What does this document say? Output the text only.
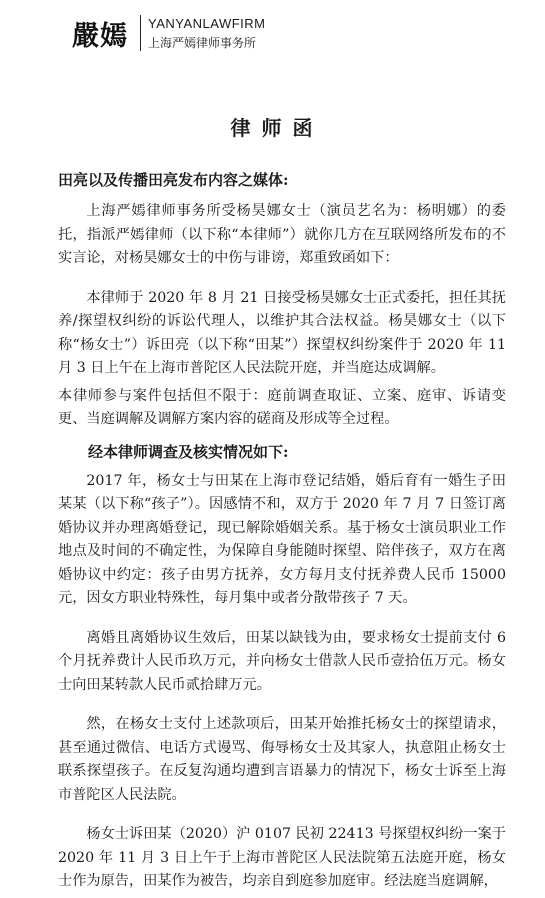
嚴嫣 YANYANLAWFIRM
上海严嫣律师事务所
律 师 函

田亮以及传播田亮发布内容之媒体:

上海严嫣律师事务所受杨昊娜女士（演员艺名为：杨明娜）的委托，指派严嫣律师（以下称“本律师”）就你几方在互联网络所发布的不实言论，对杨昊娜女士的中伤与诽谤，郑重致函如下：

本律师于 2020 年 8 月 21 日接受杨昊娜女士正式委托，担任其抚养/探望权纠纷的诉讼代理人，以维护其合法权益。杨昊娜女士（以下称“杨女士”）诉田亮（以下称“田某”）探望权纠纷案件于 2020 年 11 月 3 日上午在上海市普陀区人民法院开庭，并当庭达成调解。

本律师参与案件包括但不限于：庭前调查取证、立案、庭审、诉请变更、当庭调解及调解方案内容的磋商及形成等全过程。

经本律师调查及核实情况如下:

2017 年，杨女士与田某在上海市登记结婚，婚后育有一婚生子田某某（以下称“孩子”）。因感情不和，双方于 2020 年 7 月 7 日签订离婚协议并办理离婚登记，现已解除婚姻关系。基于杨女士演员职业工作地点及时间的不确定性，为保障自身能随时探望、陪伴孩子，双方在离婚协议中约定：孩子由男方抚养，女方每月支付抚养费人民币 15000 元，因女方职业特殊性，每月集中或者分散带孩子 7 天。

离婚且离婚协议生效后，田某以缺钱为由，要求杨女士提前支付 6 个月抚养费计人民币玖万元，并向杨女士借款人民币壹拾伍万元。杨女士向田某转款人民币贰拾肆万元。

然，在杨女士支付上述款项后，田某开始推托杨女士的探望请求，甚至通过微信、电话方式谩骂、侮辱杨女士及其家人，执意阻止杨女士联系探望孩子。在反复沟通均遭到言语暴力的情况下，杨女士诉至上海市普陀区人民法院。

杨女士诉田某（2020）沪 0107 民初 22413 号探望权纠纷一案于 2020 年 11 月 3 日上午于上海市普陀区人民法院第五法庭开庭，杨女士作为原告，田某作为被告，均亲自到庭参加庭审。经法庭当庭调解，
